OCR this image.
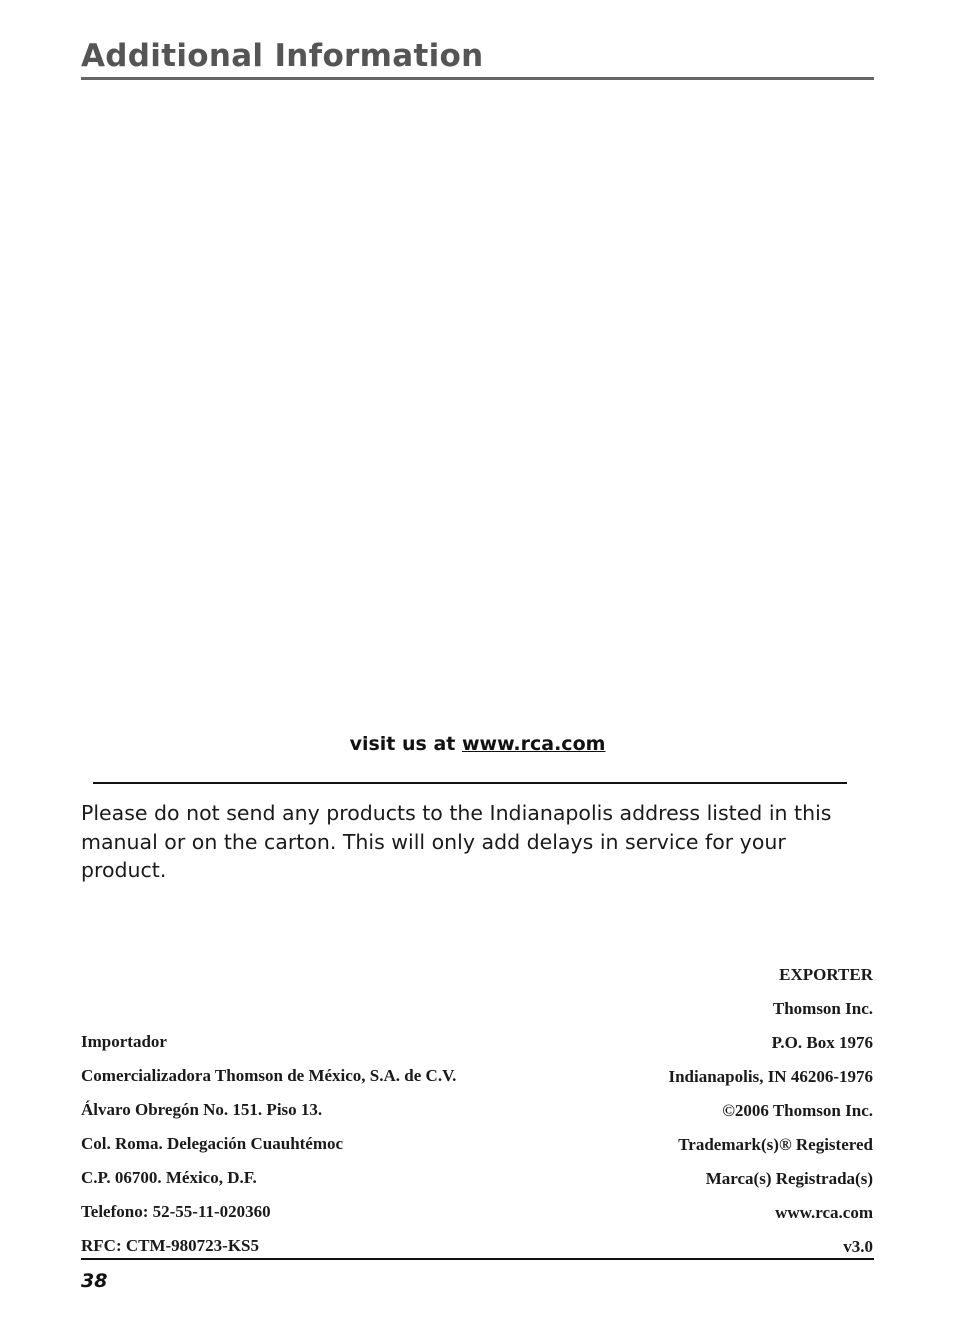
Additional Information
visit us at www.rca.com

Please do not send any products to the Indianapolis address listed in this manual or on the carton. This will only add delays in service for your product.

Importador
Comercializadora Thomson de México, S.A. de C.V.
Álvaro Obregón No. 151. Piso 13.
Col. Roma. Delegación Cuauhtémoc
C.P. 06700. México, D.F.
Telefono: 52-55-11-020360
RFC: CTM-980723-KS5
EXPORTER
Thomson Inc.
P.O. Box 1976
Indianapolis, IN 46206-1976
©2006 Thomson Inc.
Trademark(s)® Registered
Marca(s) Registrada(s)
www.rca.com
v3.0
38
